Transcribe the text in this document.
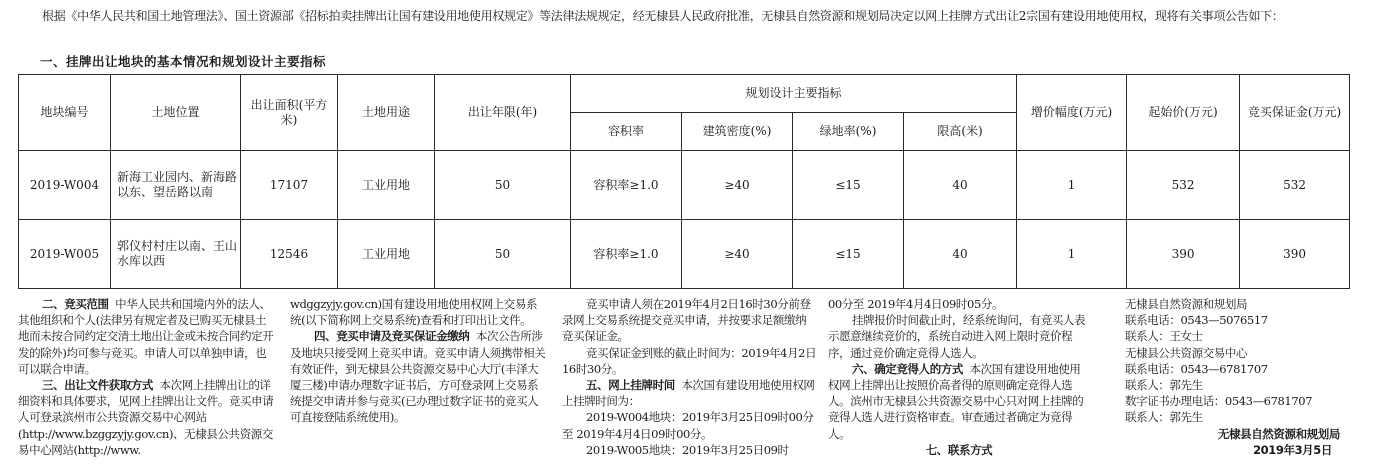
根据《中华人民共和国土地管理法》、国土资源部《招标拍卖挂牌出让国有建设用地使用权规定》等法律法规规定，经无棣县人民政府批准，无棣县自然资源和规划局决定以网上挂牌方式出让2宗国有建设用地使用权，现将有关事项公告如下：
一、挂牌出让地块的基本情况和规划设计主要指标
地块编号	土地位置	出让面积(平方米)	土地用途	出让年限(年)	规划设计主要指标				增价幅度(万元)	起始价(万元)	竞买保证金(万元)
					容积率	建筑密度(%)	绿地率(%)	限高(米)			
2019-W004	新海工业园内、新海路以东、望岳路以南	17107	工业用地	50	容积率≥1.0	≥40	≤15	40	1	532	532
2019-W005	郭仪村村庄以南、王山水库以西	12546	工业用地	50	容积率≥1.0	≥40	≤15	40	1	390	390

二、竞买范围 中华人民共和国境内外的法人、其他组织和个人(法律另有规定者及已购买无棣县土地而未按合同约定交清土地出让金或未按合同约定开发的除外)均可参与竞买。申请人可以单独申请，也可以联合申请。

三、出让文件获取方式 本次网上挂牌出让的详细资料和具体要求，见网上挂牌出让文件。竞买申请人可登录滨州市公共资源交易中心网站(http://www.bzggzyjy.gov.cn)、无棣县公共资源交易中心网站(http://www.

wdggzyjy.gov.cn)国有建设用地使用权网上交易系统(以下简称网上交易系统)查看和打印出让文件。

四、竞买申请及竞买保证金缴纳 本次公告所涉及地块只接受网上竞买申请。竞买申请人须携带相关有效证件，到无棣县公共资源交易中心大厅(丰泽大厦三楼)申请办理数字证书后，方可登录网上交易系统提交申请并参与竞买(已办理过数字证书的竞买人可直接登陆系统使用)。

竞买申请人须在2019年4月2日16时30分前登录网上交易系统提交竞买申请，并按要求足额缴纳竞买保证金。

竞买保证金到账的截止时间为：2019年4月2日16时30分。

五、网上挂牌时间 本次国有建设用地使用权网上挂牌时间为：

2019-W004地块：2019年3月25日09时00分至 2019年4月4日09时00分。

2019-W005地块：2019年3月25日09时

00分至 2019年4月4日09时05分。

挂牌报价时间截止时，经系统询问，有竞买人表示愿意继续竞价的，系统自动进入网上限时竞价程序，通过竞价确定竞得人选人。

六、确定竞得人的方式 本次国有建设用地使用权网上挂牌出让按照价高者得的原则确定竞得人选人。滨州市无棣县公共资源交易中心只对网上挂牌的竞得人选人进行资格审查。审查通过者确定为竞得人。

七、联系方式

无棣县自然资源和规划局
联系电话：0543—5076517
联系人：王女士
无棣县公共资源交易中心
联系电话：0543—6781707
联系人：郭先生
数字证书办理电话：0543—6781707
联系人：郭先生
无棣县自然资源和规划局
2019年3月5日
